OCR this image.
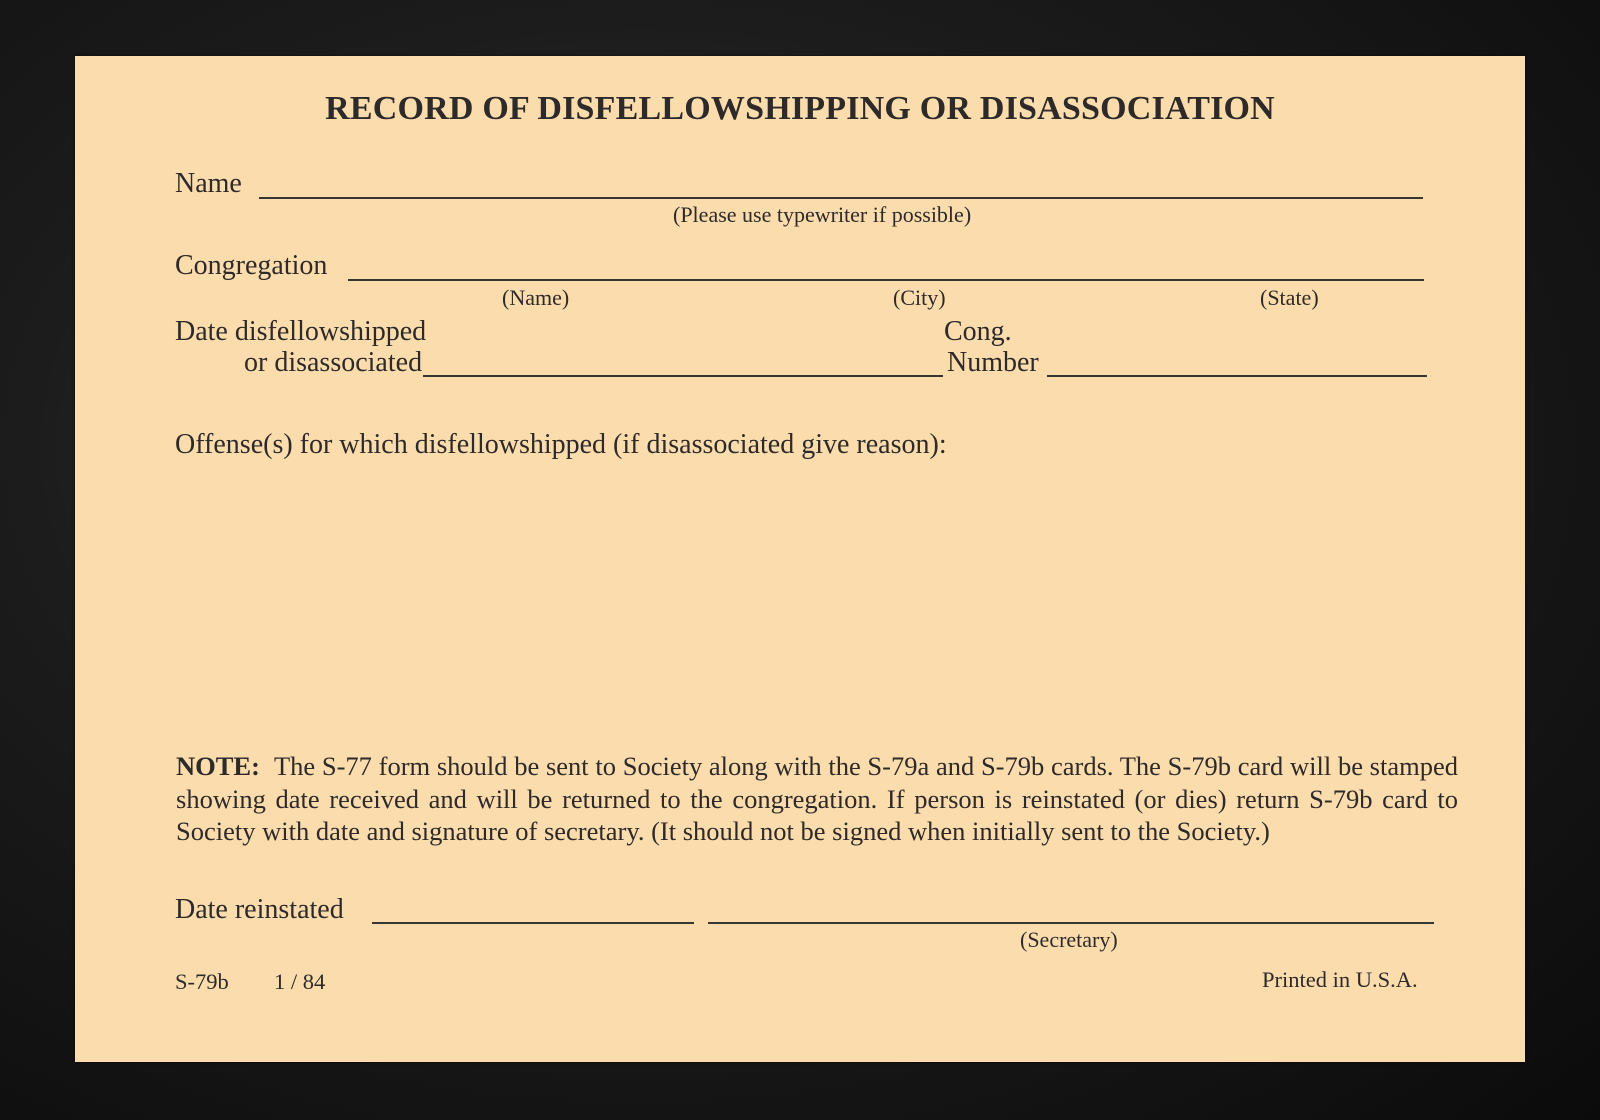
RECORD OF DISFELLOWSHIPPING OR DISASSOCIATION
Name
(Please use typewriter if possible)
Congregation
(Name)	(City)	(State)
Date disfellowshipped
or disassociated
Cong.
Number
Offense(s) for which disfellowshipped (if disassociated give reason):
NOTE: The S-77 form should be sent to Society along with the S-79a and S-79b cards. The S-79b card will be stamped showing date received and will be returned to the congregation. If person is reinstated (or dies) return S-79b card to Society with date and signature of secretary. (It should not be signed when initially sent to the Society.)
Date reinstated
(Secretary)
S-79b 1 / 84	Printed in U.S.A.
